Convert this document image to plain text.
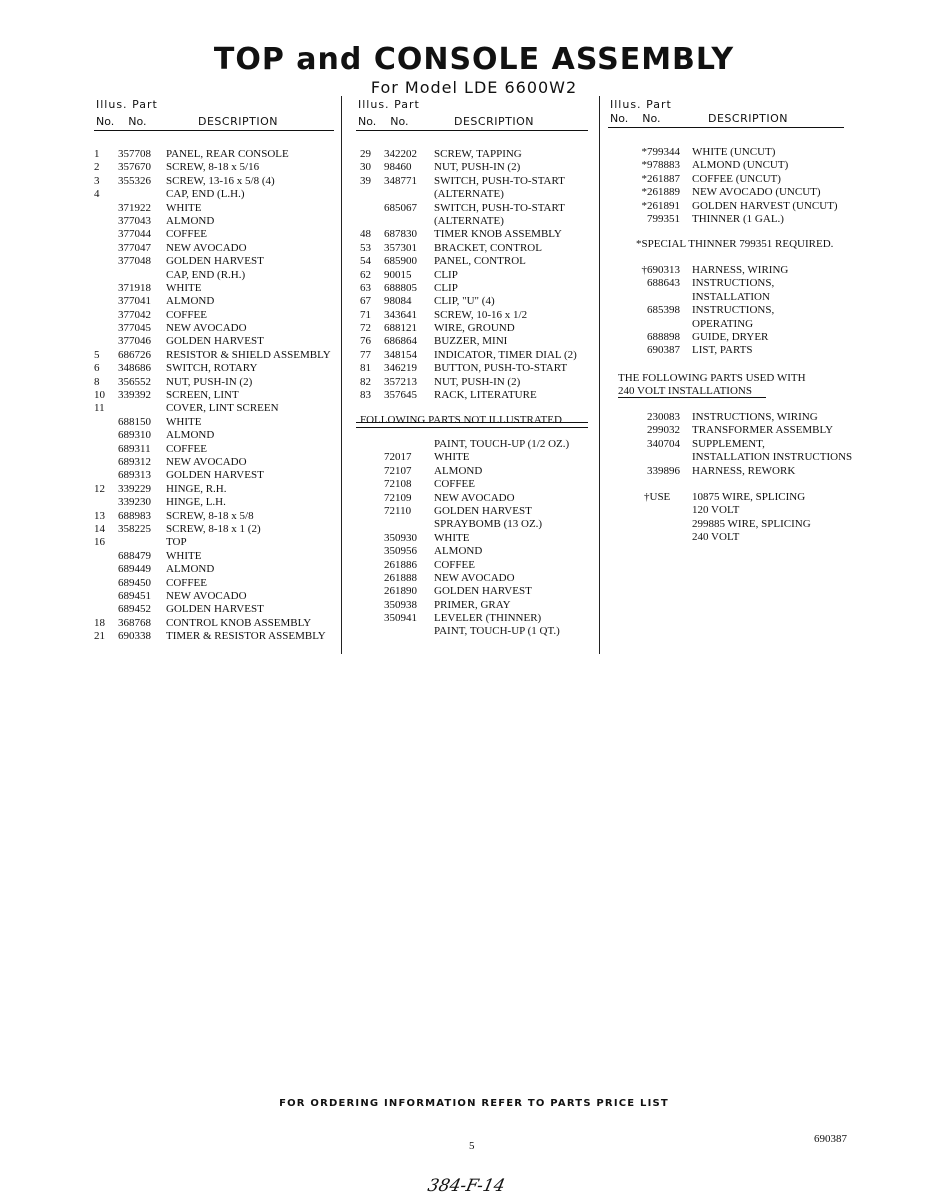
TOP and CONSOLE ASSEMBLY
For Model LDE 6600W2
Illus. Part
No. No.	DESCRIPTION
1 357708 PANEL, REAR CONSOLE
2 357670 SCREW, 8-18 x 5/16
3 355326 SCREW, 13-16 x 5/8 (4)
4	CAP, END (L.H.)
371922 WHITE
377043 ALMOND
377044 COFFEE
377047 NEW AVOCADO
377048 GOLDEN HARVEST
CAP, END (R.H.)
371918 WHITE
377041 ALMOND
377042 COFFEE
377045 NEW AVOCADO
377046 GOLDEN HARVEST
5 686726 RESISTOR & SHIELD ASSEMBLY
6 348686 SWITCH, ROTARY
8 356552 NUT, PUSH-IN (2)
10 339392 SCREEN, LINT
11	COVER, LINT SCREEN
688150 WHITE
689310 ALMOND
689311 COFFEE
689312 NEW AVOCADO
689313 GOLDEN HARVEST
12 339229 HINGE, R.H.
339230 HINGE, L.H.
13 688983 SCREW, 8-18 x 5/8
14 358225 SCREW, 8-18 x 1 (2)
16	TOP
688479 WHITE
689449 ALMOND
689450 COFFEE
689451 NEW AVOCADO
689452 GOLDEN HARVEST
18 368768 CONTROL KNOB ASSEMBLY
21 690338 TIMER & RESISTOR ASSEMBLY
Illus. Part
No. No.	DESCRIPTION
29 342202 SCREW, TAPPING
30 98460 NUT, PUSH-IN (2)
39 348771 SWITCH, PUSH-TO-START
(ALTERNATE)
685067 SWITCH, PUSH-TO-START
(ALTERNATE)
48 687830 TIMER KNOB ASSEMBLY
53 357301 BRACKET, CONTROL
54 685900 PANEL, CONTROL
62 90015 CLIP
63 688805 CLIP
67 98084 CLIP, "U" (4)
71 343641 SCREW, 10-16 x 1/2
72 688121 WIRE, GROUND
76 686864 BUZZER, MINI
77 348154 INDICATOR, TIMER DIAL (2)
81 346219 BUTTON, PUSH-TO-START
82 357213 NUT, PUSH-IN (2)
83 357645 RACK, LITERATURE
FOLLOWING PARTS NOT ILLUSTRATED
PAINT, TOUCH-UP (1/2 OZ.)
72017 WHITE
72107 ALMOND
72108 COFFEE
72109 NEW AVOCADO
72110 GOLDEN HARVEST
SPRAYBOMB (13 OZ.)
350930 WHITE
350956 ALMOND
261886 COFFEE
261888 NEW AVOCADO
261890 GOLDEN HARVEST
350938 PRIMER, GRAY
350941 LEVELER (THINNER)
PAINT, TOUCH-UP (1 QT.)
Illus. Part
No. No.	DESCRIPTION
*799344 WHITE (UNCUT)
*978883 ALMOND (UNCUT)
*261887 COFFEE (UNCUT)
*261889 NEW AVOCADO (UNCUT)
*261891 GOLDEN HARVEST (UNCUT)
799351 THINNER (1 GAL.)
*SPECIAL THINNER 799351 REQUIRED.
†690313 HARNESS, WIRING
688643 INSTRUCTIONS,
INSTALLATION
685398 INSTRUCTIONS,
OPERATING
688898 GUIDE, DRYER
690387 LIST, PARTS
THE FOLLOWING PARTS USED WITH
240 VOLT INSTALLATIONS
230083 INSTRUCTIONS, WIRING
299032 TRANSFORMER ASSEMBLY
340704 SUPPLEMENT,
INSTALLATION INSTRUCTIONS
339896 HARNESS, REWORK
†USE 10875 WIRE, SPLICING
120 VOLT
299885 WIRE, SPLICING
240 VOLT
FOR ORDERING INFORMATION REFER TO PARTS PRICE LIST
5
690387
384-F-14
